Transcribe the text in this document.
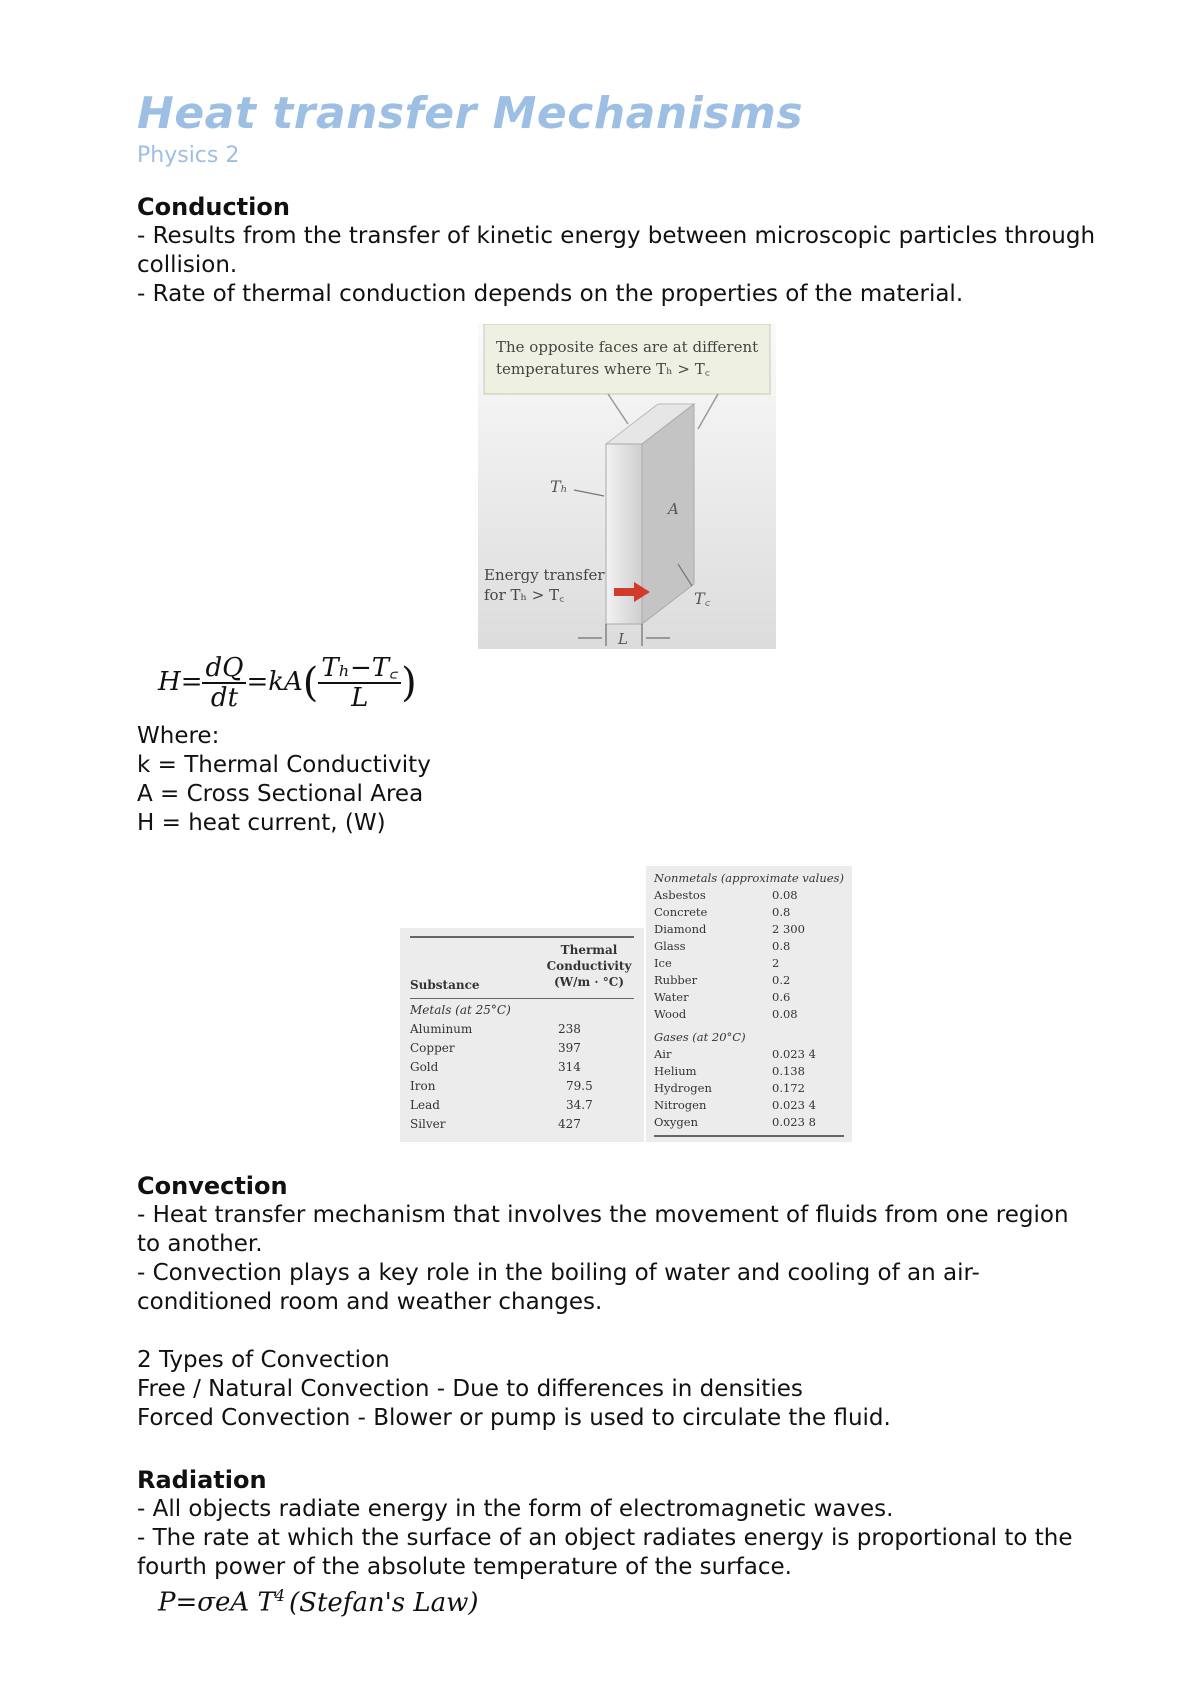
Heat transfer Mechanisms
Physics 2
Conduction
- Results from the transfer of kinetic energy between microscopic particles through collision.
- Rate of thermal conduction depends on the properties of the material.
The opposite faces are at different
temperatures where Tₕ > T꜀
Tₕ
A
Energy transfer
for Tₕ > T꜀	T꜀
L
$H= \frac{dQ}{dt} =kA( \frac{\text{Tₕ−T꜀}}{L}$ )
Where:
k = Thermal Conductivity
A = Cross Sectional Area
H = heat current, (W)
Substance
Thermal
Conductivity
(W/m · °C)
Metals (at 25°C)	
Aluminum	238
Copper	397
Gold	314
Iron	79.5
Lead	34.7
Silver	427
Nonmetals (approximate values)	
Asbestos	0.08
Concrete	0.8
Diamond	2 300
Glass	0.8
Ice	2
Rubber	0.2
Water	0.6
Wood	0.08
Gases (at 20°C)	
Air	0.023 4
Helium	0.138
Hydrogen	0.172
Nitrogen	0.023 4
Oxygen	0.023 8
Convection
- Heat transfer mechanism that involves the movement of fluids from one region to another.
- Convection plays a key role in the boiling of water and cooling of an air-conditioned room and weather changes.
2 Types of Convection
Free / Natural Convection - Due to differences in densities
Forced Convection - Blower or pump is used to circulate the fluid.
Radiation
- All objects radiate energy in the form of electromagnetic waves.
- The rate at which the surface of an object radiates energy is proportional to the fourth power of the absolute temperature of the surface.
P=σeA $T^4$ (Stefan's Law)
